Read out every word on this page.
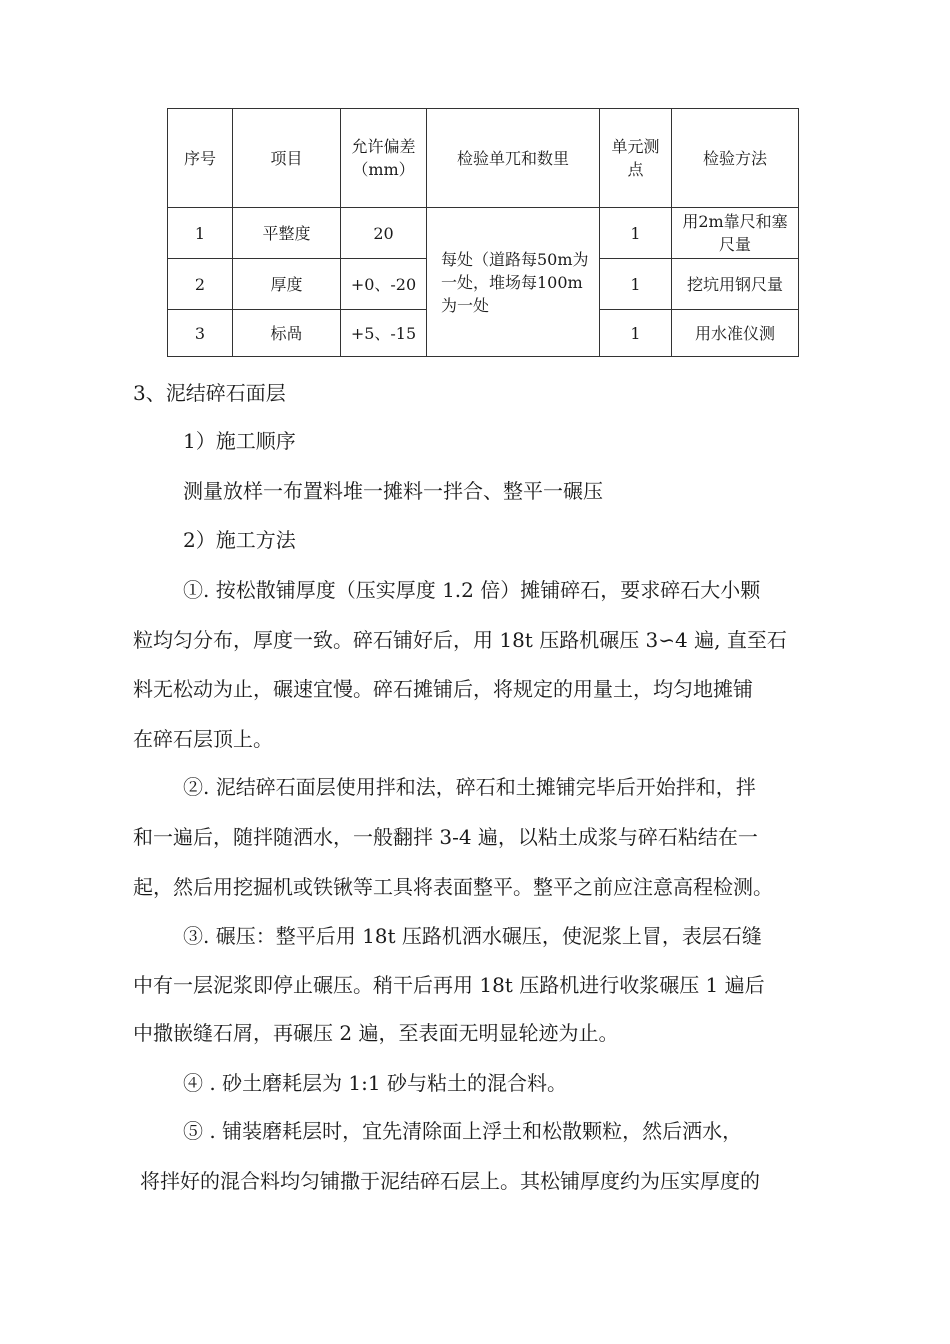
序号	项目	允许偏差（mm）	检验单兀和数里	单元测点	检验方法
1	平整度	20	每处（道路每50m为一处，堆场每100m为一处	1	用2m靠尺和塞尺量
2	厚度	+0、-20		1	挖坑用钢尺量
3	标咼	+5、-15		1	用水准仪测

3、泥结碎石面层

1）施工顺序

测量放样一布置料堆一摊料一拌合、整平一碾压

2）施工方法

①. 按松散铺厚度（压实厚度 1.2 倍）摊铺碎石，要求碎石大小颗

粒均匀分布，厚度一致。碎石铺好后，用 18t 压路机碾压 3∽4 遍, 直至石

料无松动为止，碾速宜慢。碎石摊铺后，将规定的用量土，均匀地摊铺

在碎石层顶上。

②. 泥结碎石面层使用拌和法，碎石和土摊铺完毕后开始拌和，拌

和一遍后，随拌随洒水，一般翻拌 3-4 遍，以粘土成浆与碎石粘结在一

起，然后用挖掘机或铁锹等工具将表面整平。整平之前应注意高程检测。

③. 碾压：整平后用 18t 压路机洒水碾压，使泥浆上冒，表层石缝

中有一层泥浆即停止碾压。稍干后再用 18t 压路机进行收浆碾压 1 遍后

中撒嵌缝石屑，再碾压 2 遍，至表面无明显轮迹为止。

④ . 砂土磨耗层为 1:1 砂与粘土的混合料。

⑤ . 铺装磨耗层时，宜先清除面上浮土和松散颗粒，然后洒水，

将拌好的混合料均匀铺撒于泥结碎石层上。其松铺厚度约为压实厚度的
